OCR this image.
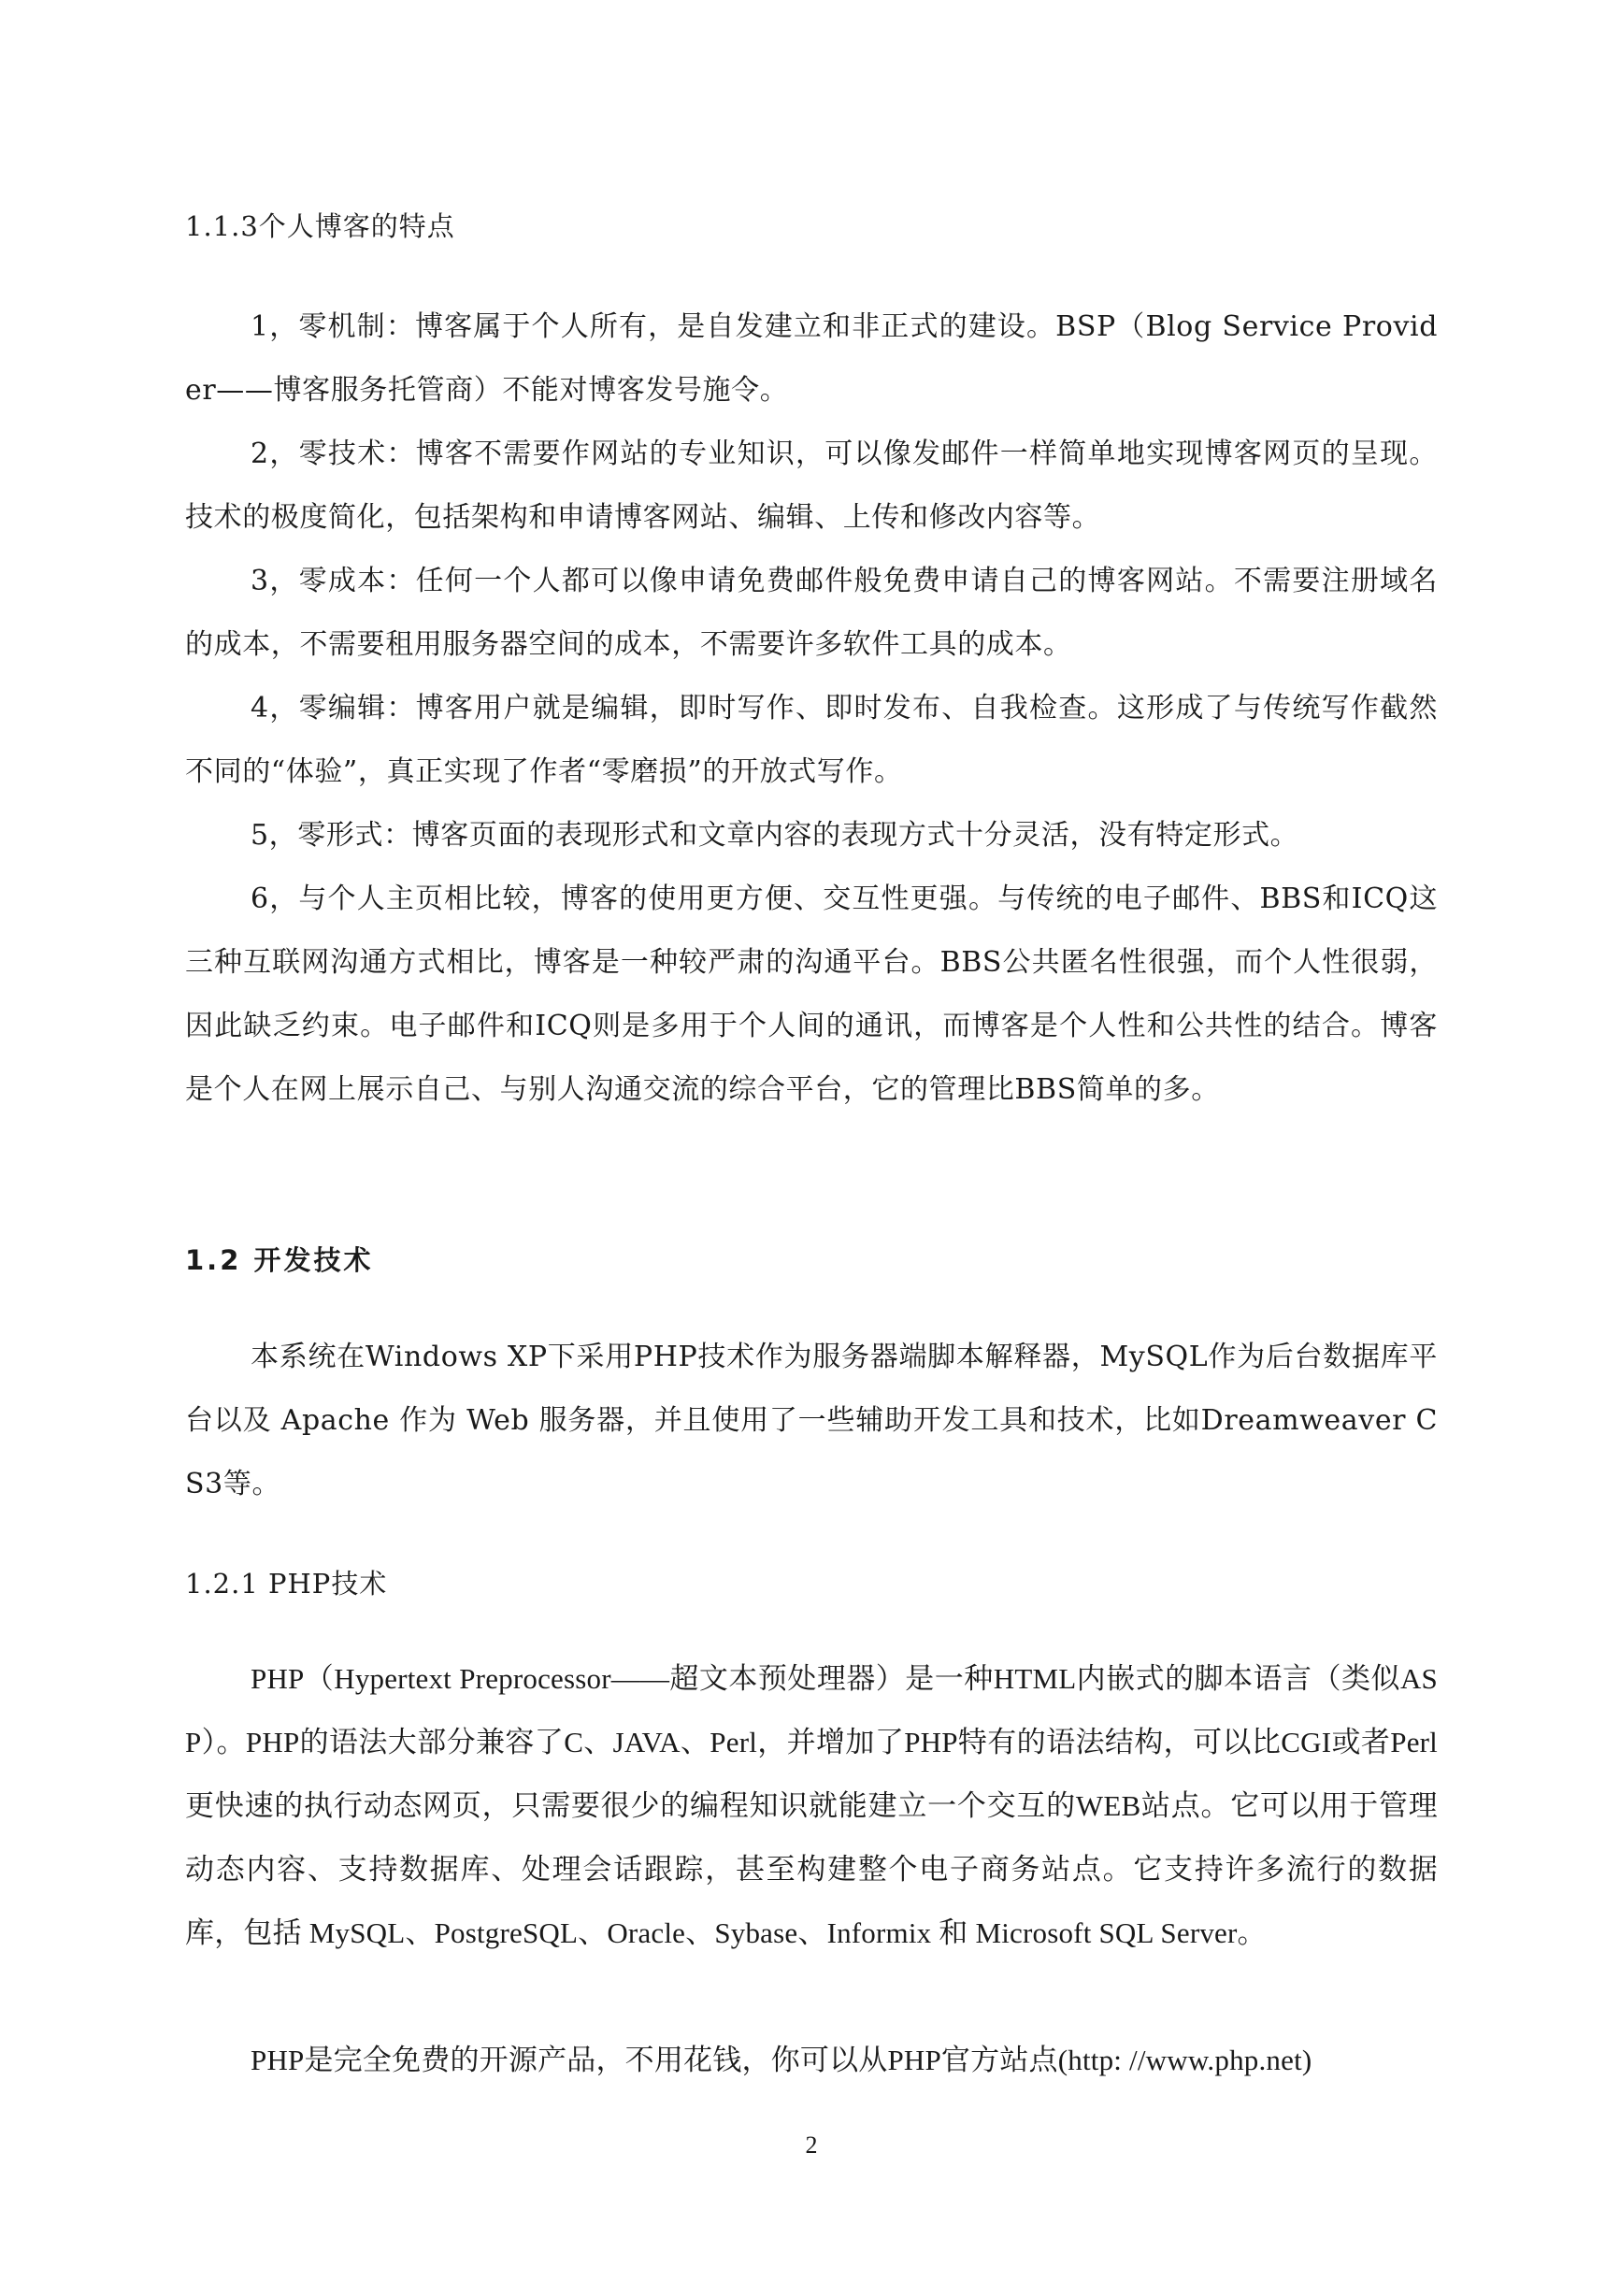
1.1.3个人博客的特点
1，零机制：博客属于个人所有，是自发建立和非正式的建设。BSP（Blog Service Provider——博客服务托管商）不能对博客发号施令。
2，零技术：博客不需要作网站的专业知识，可以像发邮件一样简单地实现博客网页的呈现。技术的极度简化，包括架构和申请博客网站、编辑、上传和修改内容等。
3，零成本：任何一个人都可以像申请免费邮件般免费申请自己的博客网站。不需要注册域名的成本，不需要租用服务器空间的成本，不需要许多软件工具的成本。
4，零编辑：博客用户就是编辑，即时写作、即时发布、自我检查。这形成了与传统写作截然不同的“体验”，真正实现了作者“零磨损”的开放式写作。
5，零形式：博客页面的表现形式和文章内容的表现方式十分灵活，没有特定形式。
6，与个人主页相比较，博客的使用更方便、交互性更强。与传统的电子邮件、BBS和ICQ这三种互联网沟通方式相比，博客是一种较严肃的沟通平台。BBS公共匿名性很强，而个人性很弱，因此缺乏约束。电子邮件和ICQ则是多用于个人间的通讯，而博客是个人性和公共性的结合。博客是个人在网上展示自己、与别人沟通交流的综合平台，它的管理比BBS简单的多。
1.2 开发技术
本系统在Windows XP下采用PHP技术作为服务器端脚本解释器，MySQL作为后台数据库平台以及 Apache 作为 Web 服务器，并且使用了一些辅助开发工具和技术，比如Dreamweaver CS3等。
1.2.1 PHP技术
PHP（Hypertext Preprocessor——超文本预处理器）是一种HTML内嵌式的脚本语言（类似ASP）。PHP的语法大部分兼容了C、JAVA、Perl，并增加了PHP特有的语法结构，可以比CGI或者Perl更快速的执行动态网页，只需要很少的编程知识就能建立一个交互的WEB站点。它可以用于管理动态内容、支持数据库、处理会话跟踪，甚至构建整个电子商务站点。它支持许多流行的数据库，包括 MySQL、PostgreSQL、Oracle、Sybase、Informix 和 Microsoft SQL Server。
PHP是完全免费的开源产品，不用花钱，你可以从PHP官方站点(http: //www.php.net)
2
